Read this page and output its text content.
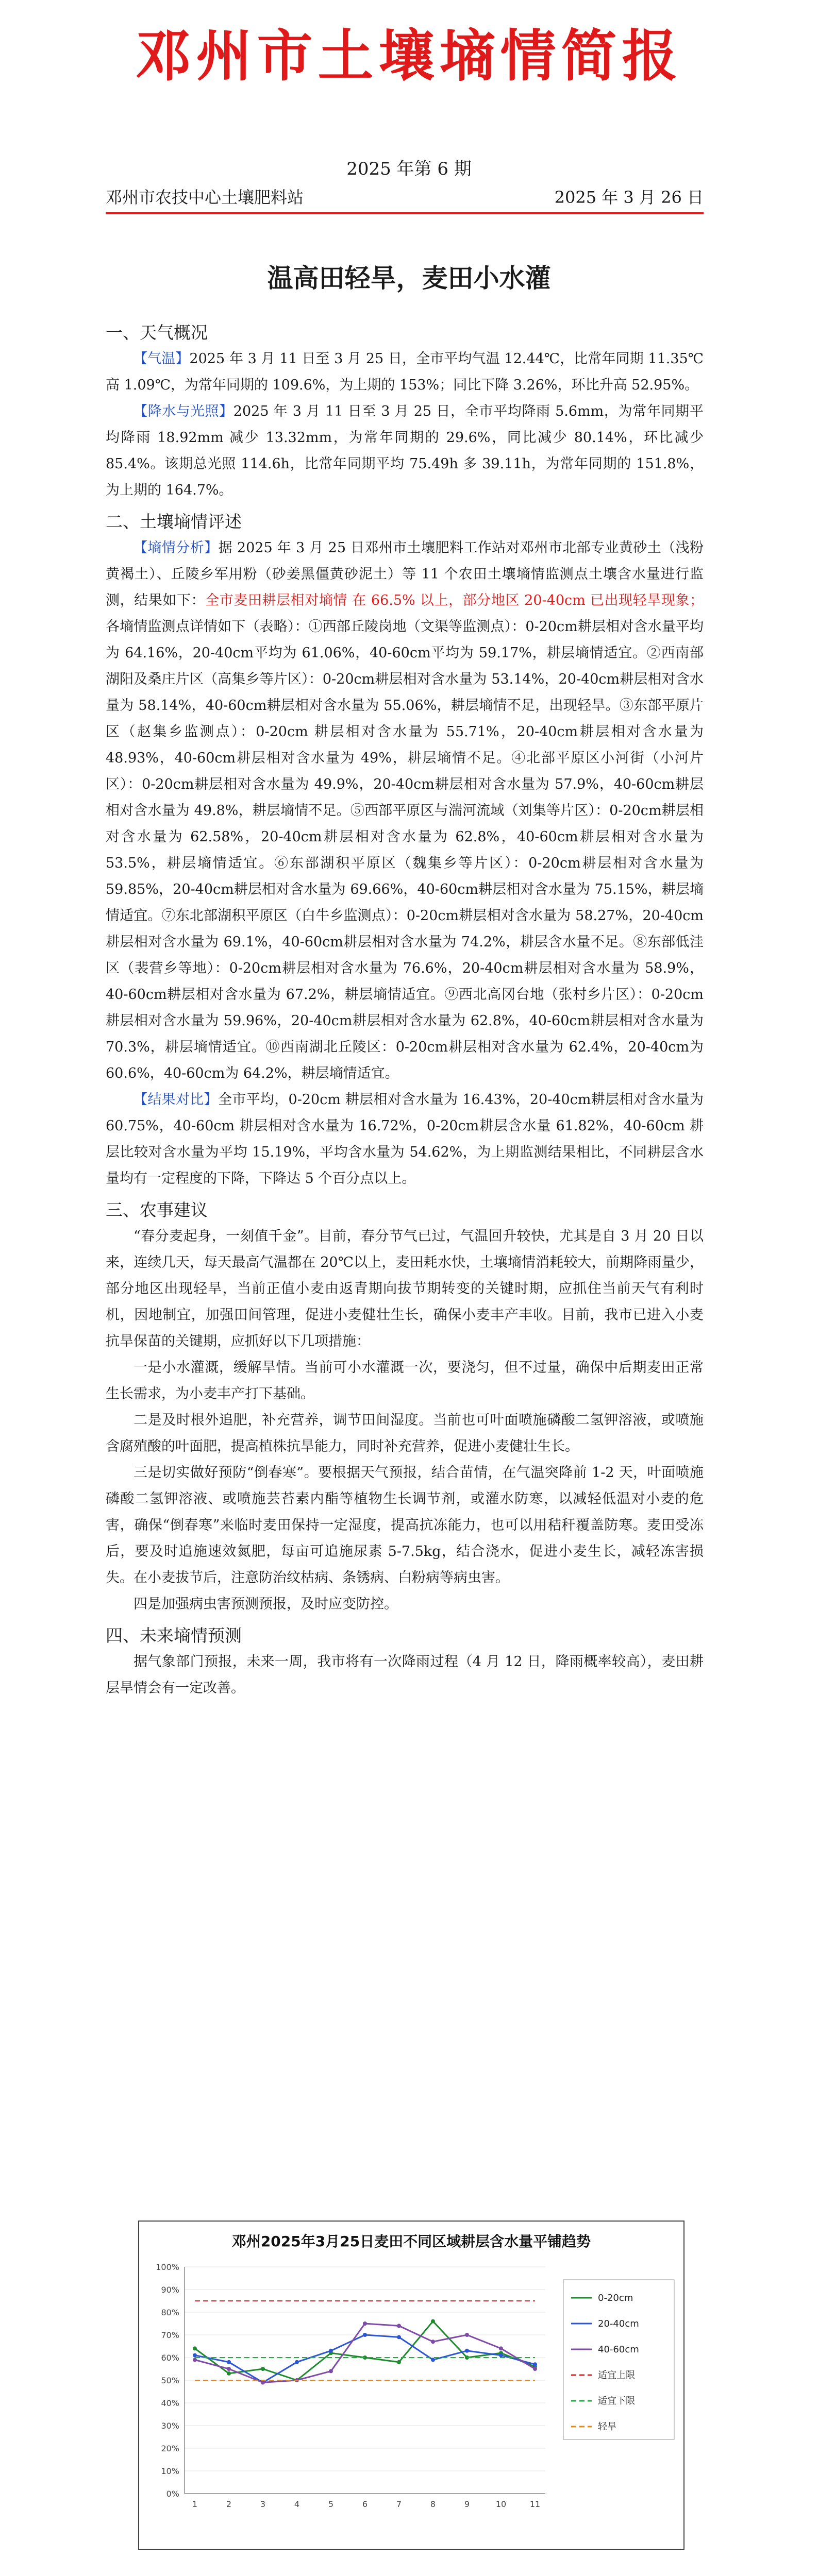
邓州市土壤墒情简报
2025 年第 6 期
邓州市农技中心土壤肥料站	2025 年 3 月 26 日
温高田轻旱，麦田小水灌
一、天气概况

【气温】2025 年 3 月 11 日至 3 月 25 日，全市平均气温 12.44℃，比常年同期 11.35℃高 1.09℃，为常年同期的 109.6%，为上期的 153%；同比下降 3.26%，环比升高 52.95%。

【降水与光照】2025 年 3 月 11 日至 3 月 25 日，全市平均降雨 5.6mm，为常年同期平均降雨 18.92mm 减少 13.32mm，为常年同期的 29.6%，同比减少 80.14%，环比减少 85.4%。该期总光照 114.6h，比常年同期平均 75.49h 多 39.11h，为常年同期的 151.8%，为上期的 164.7%。

二、土壤墒情评述

【墒情分析】据 2025 年 3 月 25 日邓州市土壤肥料工作站对邓州市北部专业黄砂土（浅粉黄褐土）、丘陵乡军用粉（砂姜黑僵黄砂泥土）等 11 个农田土壤墒情监测点土壤含水量进行监测，结果如下：全市麦田耕层相对墒情 在 66.5% 以上，部分地区 20-40cm 已出现轻旱现象；各墒情监测点详情如下（表略）：①西部丘陵岗地（文渠等监测点）：0-20cm耕层相对含水量平均为 64.16%，20-40cm平均为 61.06%，40-60cm平均为 59.17%，耕层墒情适宜。②西南部湖阳及桑庄片区（高集乡等片区）：0-20cm耕层相对含水量为 53.14%，20-40cm耕层相对含水量为 58.14%，40-60cm耕层相对含水量为 55.06%，耕层墒情不足，出现轻旱。③东部平原片区（赵集乡监测点）：0-20cm 耕层相对含水量为 55.71%，20-40cm耕层相对含水量为 48.93%，40-60cm耕层相对含水量为 49%，耕层墒情不足。④北部平原区小河街（小河片区）：0-20cm耕层相对含水量为 49.9%，20-40cm耕层相对含水量为 57.9%，40-60cm耕层相对含水量为 49.8%，耕层墒情不足。⑤西部平原区与湍河流域（刘集等片区）：0-20cm耕层相对含水量为 62.58%，20-40cm耕层相对含水量为 62.8%，40-60cm耕层相对含水量为 53.5%，耕层墒情适宜。⑥东部湖积平原区（魏集乡等片区）：0-20cm耕层相对含水量为 59.85%，20-40cm耕层相对含水量为 69.66%，40-60cm耕层相对含水量为 75.15%，耕层墒情适宜。⑦东北部湖积平原区（白牛乡监测点）：0-20cm耕层相对含水量为 58.27%，20-40cm耕层相对含水量为 69.1%，40-60cm耕层相对含水量为 74.2%，耕层含水量不足。⑧东部低洼区（裴营乡等地）：0-20cm耕层相对含水量为 76.6%，20-40cm耕层相对含水量为 58.9%，40-60cm耕层相对含水量为 67.2%，耕层墒情适宜。⑨西北高冈台地（张村乡片区）：0-20cm耕层相对含水量为 59.96%，20-40cm耕层相对含水量为 62.8%，40-60cm耕层相对含水量为 70.3%，耕层墒情适宜。⑩西南湖北丘陵区：0-20cm耕层相对含水量为 62.4%，20-40cm为 60.6%，40-60cm为 64.2%，耕层墒情适宜。

【结果对比】全市平均，0-20cm 耕层相对含水量为 16.43%，20-40cm耕层相对含水量为 60.75%，40-60cm 耕层相对含水量为 16.72%，0-20cm耕层含水量 61.82%，40-60cm 耕层比较对含水量为平均 15.19%，平均含水量为 54.62%，为上期监测结果相比，不同耕层含水量均有一定程度的下降，下降达 5 个百分点以上。

三、农事建议

“春分麦起身，一刻值千金”。目前，春分节气已过，气温回升较快，尤其是自 3 月 20 日以来，连续几天，每天最高气温都在 20℃以上，麦田耗水快，土壤墒情消耗较大，前期降雨量少，部分地区出现轻旱，当前正值小麦由返青期向拔节期转变的关键时期，应抓住当前天气有利时机，因地制宜，加强田间管理，促进小麦健壮生长，确保小麦丰产丰收。目前，我市已进入小麦抗旱保苗的关键期，应抓好以下几项措施：

一是小水灌溉，缓解旱情。当前可小水灌溉一次，要浇匀，但不过量，确保中后期麦田正常生长需求，为小麦丰产打下基础。

二是及时根外追肥，补充营养，调节田间湿度。当前也可叶面喷施磷酸二氢钾溶液，或喷施含腐殖酸的叶面肥，提高植株抗旱能力，同时补充营养，促进小麦健壮生长。

三是切实做好预防“倒春寒”。要根据天气预报，结合苗情，在气温突降前 1-2 天，叶面喷施磷酸二氢钾溶液、或喷施芸苔素内酯等植物生长调节剂，或灌水防寒，以减轻低温对小麦的危害，确保“倒春寒”来临时麦田保持一定湿度，提高抗冻能力，也可以用秸秆覆盖防寒。麦田受冻后，要及时追施速效氮肥，每亩可追施尿素 5-7.5kg，结合浇水，促进小麦生长，减轻冻害损失。在小麦拔节后，注意防治纹枯病、条锈病、白粉病等病虫害。

四是加强病虫害预测预报，及时应变防控。

四、未来墒情预测

据气象部门预报，未来一周，我市将有一次降雨过程（4 月 12 日，降雨概率较高），麦田耕层旱情会有一定改善。

邓州2025年3月25日麦田不同区域耕层含水量平铺趋势
0%
10%
20%
30%
40%
50%
60%
70%
80%
90%
100%
1	2	3	4	5	6	7	8	9	10	11
0-20cm
20-40cm
40-60cm
适宜上限
适宜下限
轻旱
